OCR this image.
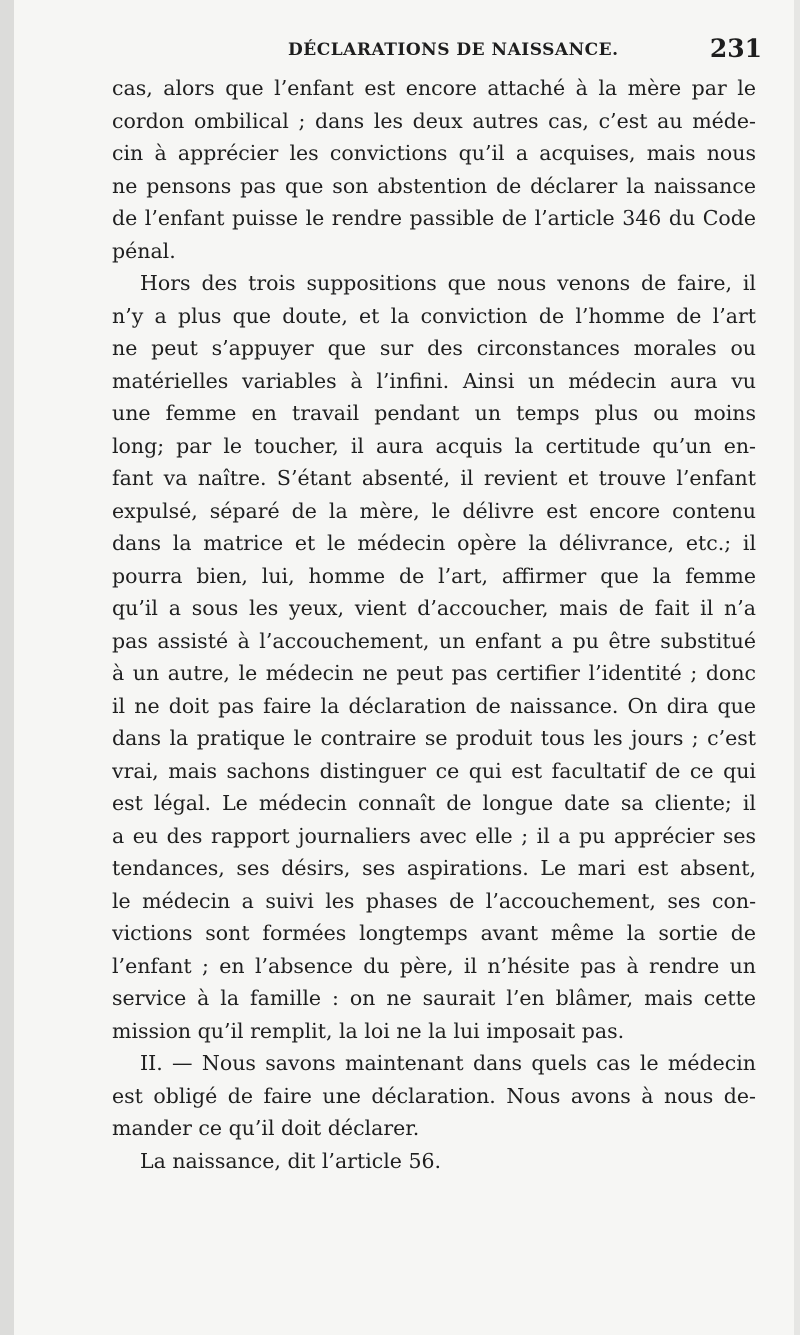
DÉCLARATIONS DE NAISSANCE.	231
cas, alors que l’enfant est encore attaché à la mère par le
cordon ombilical ; dans les deux autres cas, c’est au méde-
cin à apprécier les convictions qu’il a acquises, mais nous
ne pensons pas que son abstention de déclarer la naissance
de l’enfant puisse le rendre passible de l’article 346 du Code
pénal.
Hors des trois suppositions que nous venons de faire, il
n’y a plus que doute, et la conviction de l’homme de l’art
ne peut s’appuyer que sur des circonstances morales ou
matérielles variables à l’infini. Ainsi un médecin aura vu
une femme en travail pendant un temps plus ou moins
long; par le toucher, il aura acquis la certitude qu’un en-
fant va naître. S’étant absenté, il revient et trouve l’enfant
expulsé, séparé de la mère, le délivre est encore contenu
dans la matrice et le médecin opère la délivrance, etc.; il
pourra bien, lui, homme de l’art, affirmer que la femme
qu’il a sous les yeux, vient d’accoucher, mais de fait il n’a
pas assisté à l’accouchement, un enfant a pu être substitué
à un autre, le médecin ne peut pas certifier l’identité ; donc
il ne doit pas faire la déclaration de naissance. On dira que
dans la pratique le contraire se produit tous les jours ; c’est
vrai, mais sachons distinguer ce qui est facultatif de ce qui
est légal. Le médecin connaît de longue date sa cliente; il
a eu des rapport journaliers avec elle ; il a pu apprécier ses
tendances, ses désirs, ses aspirations. Le mari est absent,
le médecin a suivi les phases de l’accouchement, ses con-
victions sont formées longtemps avant même la sortie de
l’enfant ; en l’absence du père, il n’hésite pas à rendre un
service à la famille : on ne saurait l’en blâmer, mais cette
mission qu’il remplit, la loi ne la lui imposait pas.
II. — Nous savons maintenant dans quels cas le médecin
est obligé de faire une déclaration. Nous avons à nous de-
mander ce qu’il doit déclarer.
La naissance, dit l’article 56.
